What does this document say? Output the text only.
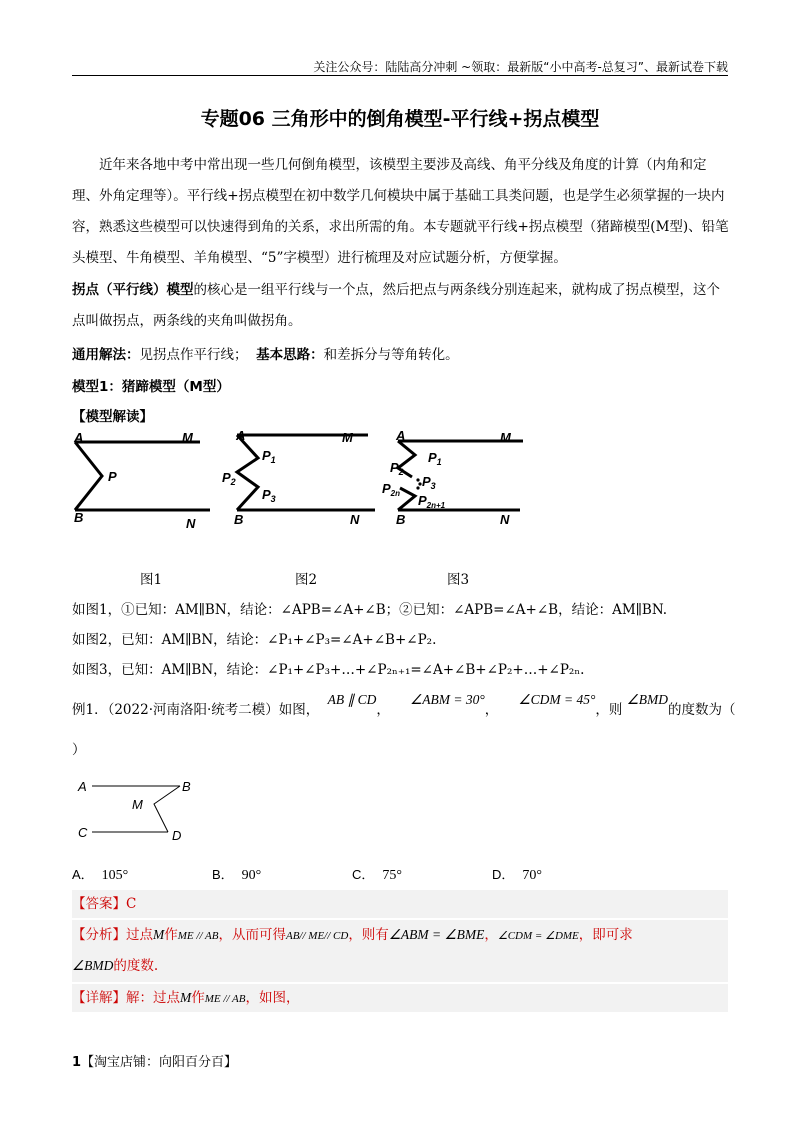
关注公众号：陆陆高分冲刺 ~领取：最新版“小中高考-总复习”、最新试卷下载
专题06 三角形中的倒角模型-平行线+拐点模型
近年来各地中考中常出现一些几何倒角模型，该模型主要涉及高线、角平分线及角度的计算（内角和定理、外角定理等）。平行线+拐点模型在初中数学几何模块中属于基础工具类问题，也是学生必须掌握的一块内容，熟悉这些模型可以快速得到角的关系，求出所需的角。本专题就平行线+拐点模型（猪蹄模型(M型)、铅笔头模型、牛角模型、羊角模型、“5”字模型）进行梳理及对应试题分析，方便掌握。
拐点（平行线）模型的核心是一组平行线与一个点，然后把点与两条线分别连起来，就构成了拐点模型，这个点叫做拐点，两条线的夹角叫做拐角。
通用解法：见拐点作平行线； 基本思路：和差拆分与等角转化。
模型1：猪蹄模型（M型）
【模型解读】
A	M
P
B	N
A	M
$P_1$
$P_2$
$P_3$
B	N
A	M
$P_1$
$P_2$
$P_3$
$P_{2n}$ $P_{2n+1}$
B	N
图1	图2	图3
如图1，①已知：AM∥BN，结论：∠APB=∠A+∠B；②已知：∠APB=∠A+∠B，结论：AM∥BN.
如图2，已知：AM∥BN，结论：∠P₁+∠P₃=∠A+∠B+∠P₂.
如图3，已知：AM∥BN，结论：∠P₁+∠P₃+…+∠P₂ₙ₊₁=∠A+∠B+∠P₂+…+∠P₂ₙ.
例1．（2022·河南洛阳·统考二模）如图， AB ∥ CD， ∠ABM = 30°， ∠CDM = 45°，则 ∠BMD的度数为（
）
A	B
M
C	D
A． 105°	B． 90°	C． 75°	D． 70°
【答案】C
【分析】过点M作ME // AB，从而可得AB// ME// CD，则有∠ABM = ∠BME，∠CDM = ∠DME，即可求
∠BMD的度数.
【详解】解：过点M作ME // AB，如图，
1【淘宝店铺：向阳百分百】
